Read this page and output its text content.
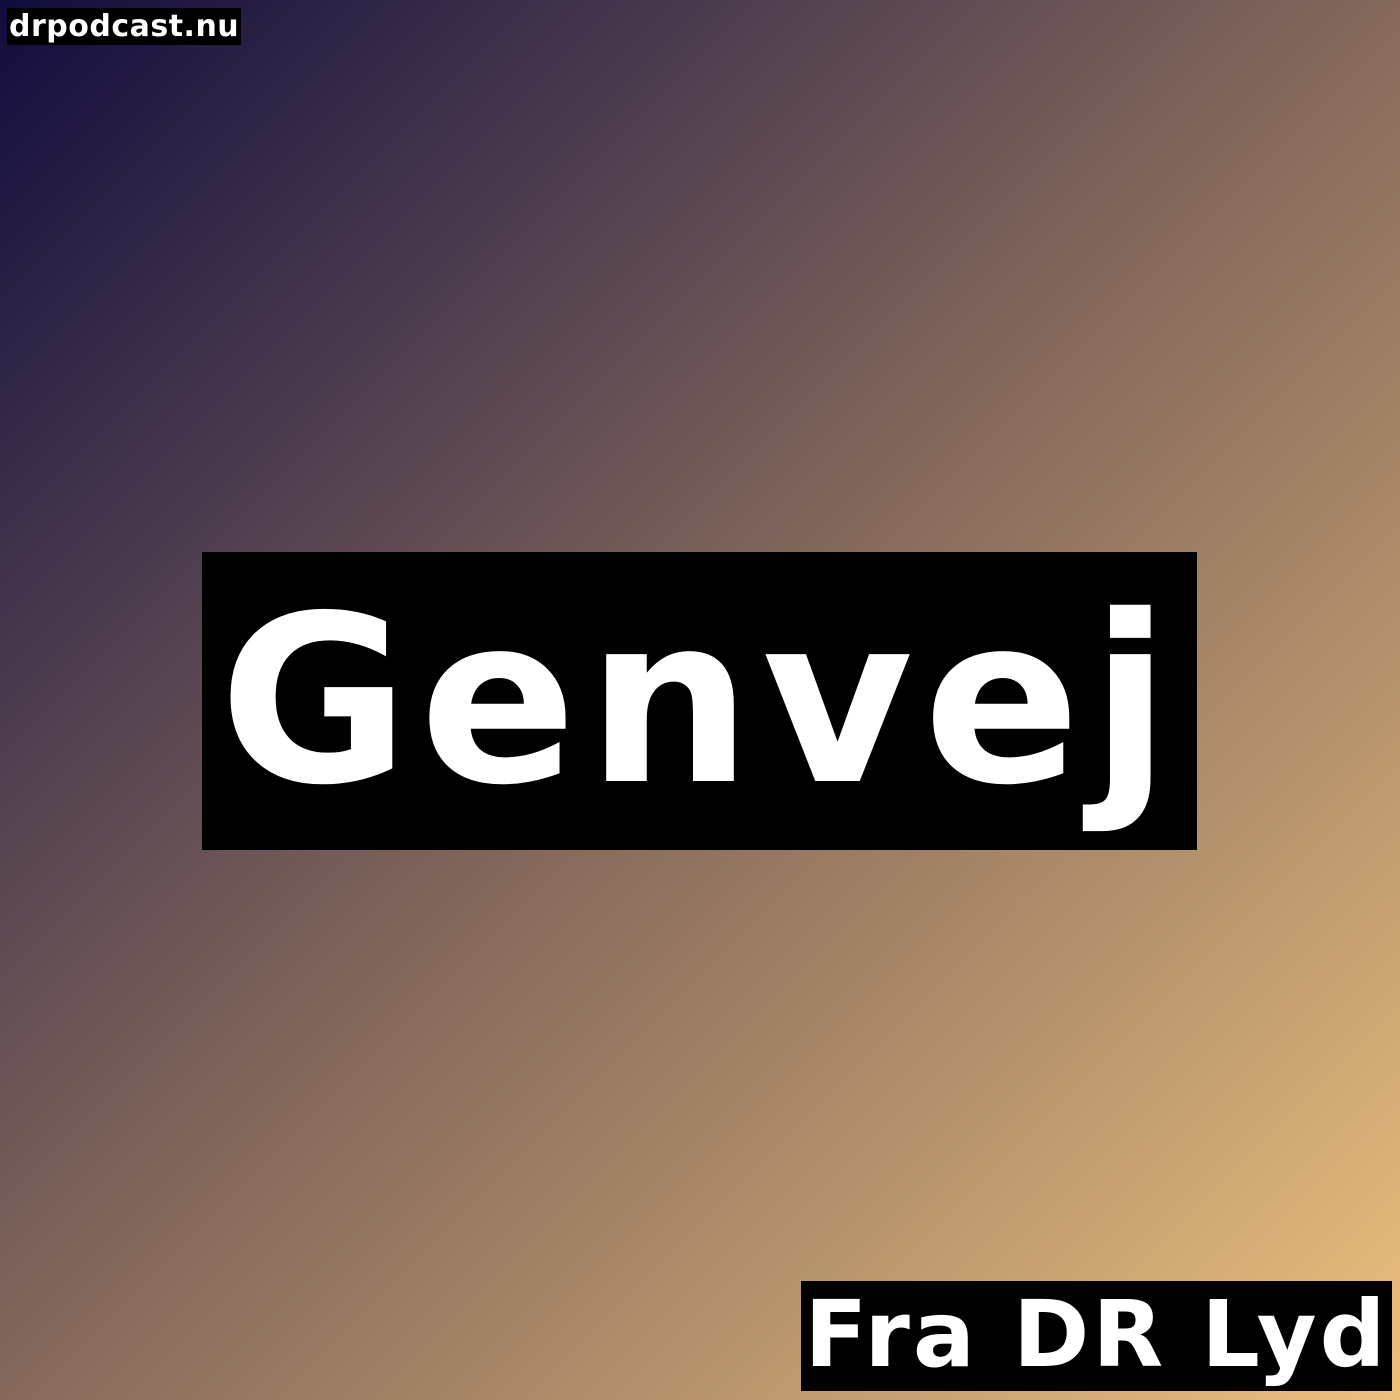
drpodcast.nu
Genvej
Fra DR Lyd
